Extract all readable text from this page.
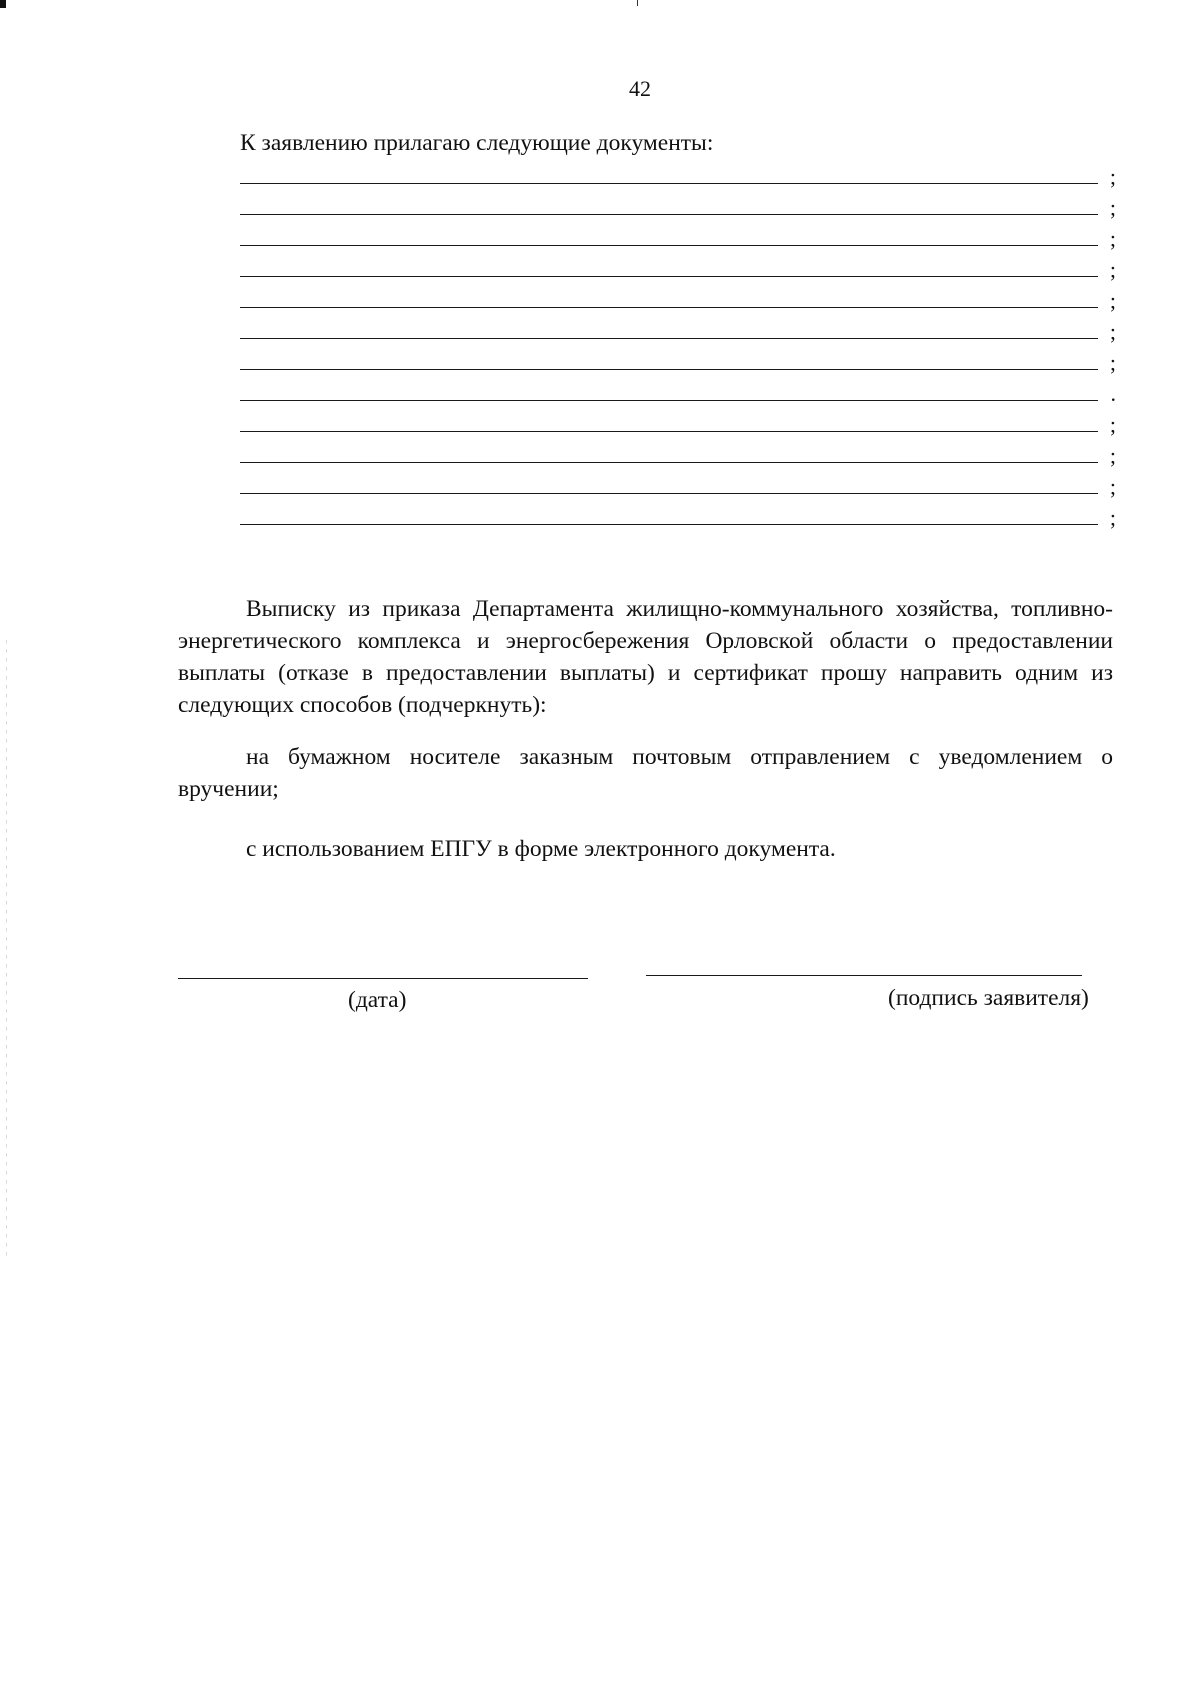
42
К заявлению прилагаю следующие документы:
;
;
;
;
;
;
;
.
;
;
;
;

Выписку из приказа Департамента жилищно-коммунального хозяйства, топливно-энергетического комплекса и энергосбережения Орловской области о предоставлении выплаты (отказе в предоставлении выплаты) и сертификат прошу направить одним из следующих способов (подчеркнуть):

на бумажном носителе заказным почтовым отправлением с уведомлением о вручении;

с использованием ЕПГУ в форме электронного документа.

(дата)	(подпись заявителя)
